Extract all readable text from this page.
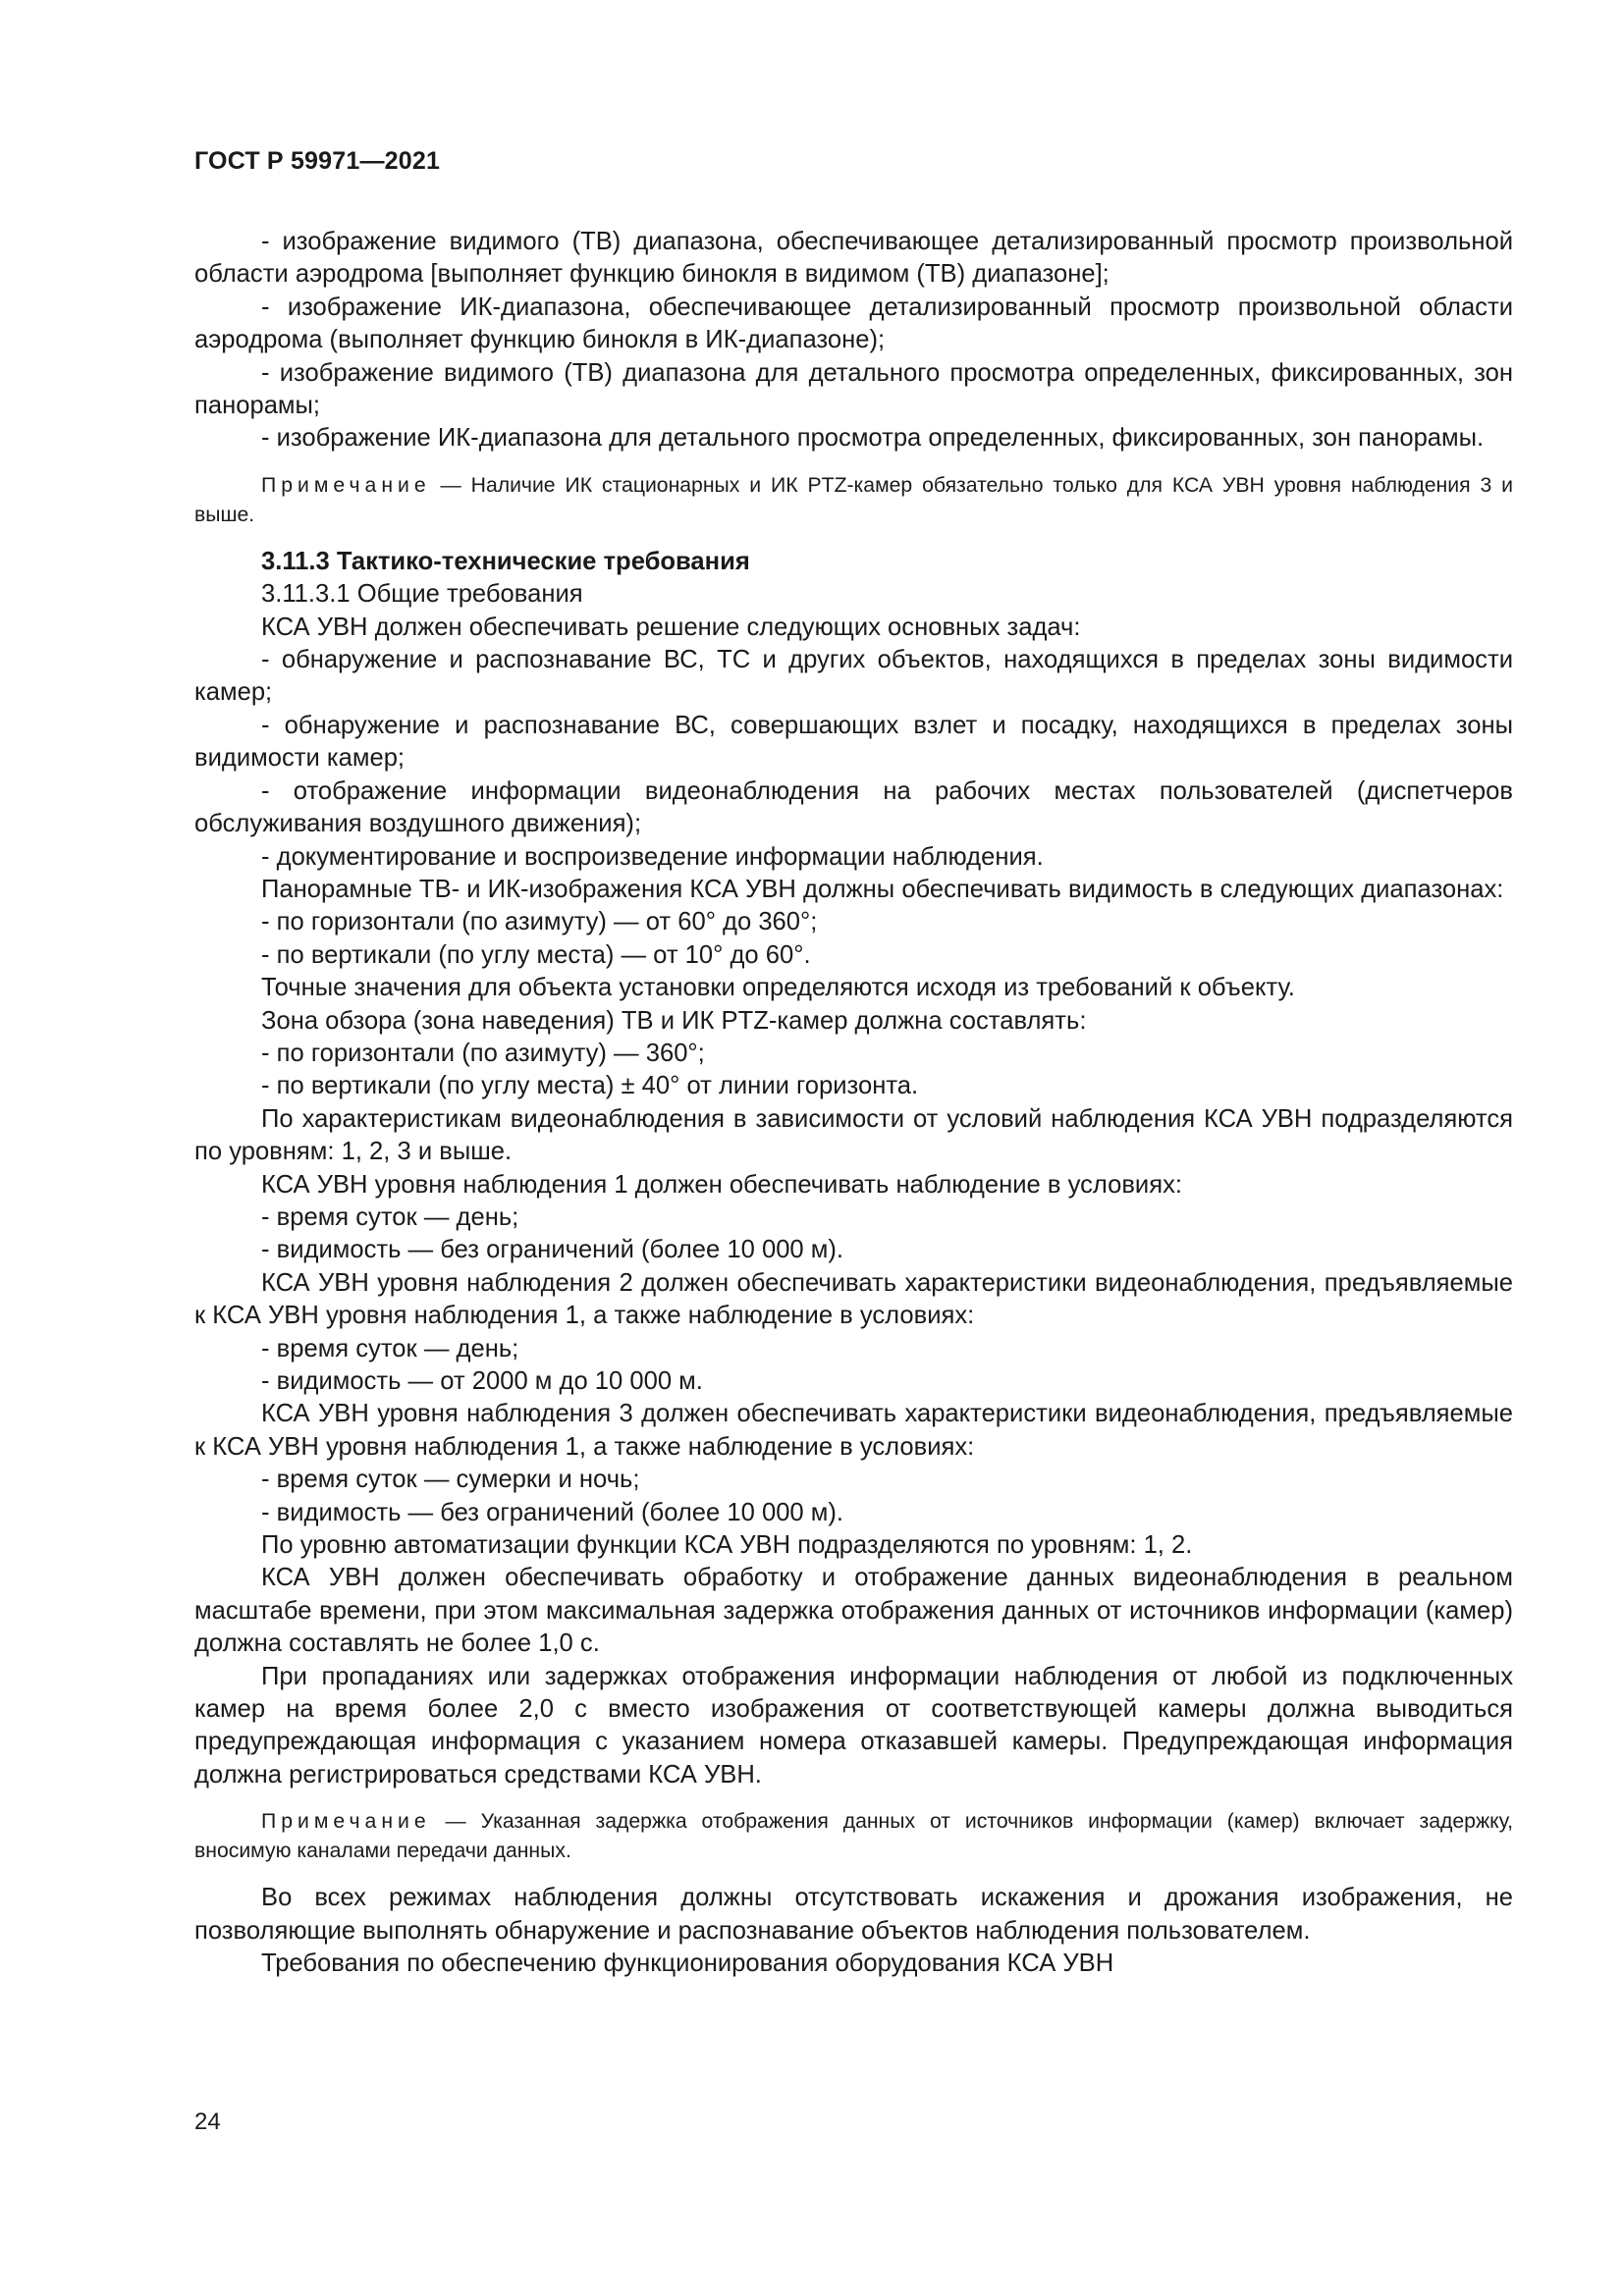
ГОСТ Р 59971—2021

- изображение видимого (ТВ) диапазона, обеспечивающее детализированный просмотр произвольной области аэродрома [выполняет функцию бинокля в видимом (ТВ) диапазоне];

- изображение ИК-диапазона, обеспечивающее детализированный просмотр произвольной области аэродрома (выполняет функцию бинокля в ИК-диапазоне);

- изображение видимого (ТВ) диапазона для детального просмотра определенных, фиксированных, зон панорамы;

- изображение ИК-диапазона для детального просмотра определенных, фиксированных, зон панорамы.

Примечание — Наличие ИК стационарных и ИК PTZ-камер обязательно только для КСА УВН уровня наблюдения 3 и выше.

3.11.3 Тактико-технические требования

3.11.3.1 Общие требования

КСА УВН должен обеспечивать решение следующих основных задач:

- обнаружение и распознавание ВС, ТС и других объектов, находящихся в пределах зоны видимости камер;

- обнаружение и распознавание ВС, совершающих взлет и посадку, находящихся в пределах зоны видимости камер;

- отображение информации видеонаблюдения на рабочих местах пользователей (диспетчеров обслуживания воздушного движения);

- документирование и воспроизведение информации наблюдения.

Панорамные ТВ- и ИК-изображения КСА УВН должны обеспечивать видимость в следующих диапазонах:

- по горизонтали (по азимуту) — от 60° до 360°;

- по вертикали (по углу места) — от 10° до 60°.

Точные значения для объекта установки определяются исходя из требований к объекту.

Зона обзора (зона наведения) ТВ и ИК PTZ-камер должна составлять:

- по горизонтали (по азимуту) — 360°;

- по вертикали (по углу места) ± 40° от линии горизонта.

По характеристикам видеонаблюдения в зависимости от условий наблюдения КСА УВН подразделяются по уровням: 1, 2, 3 и выше.

КСА УВН уровня наблюдения 1 должен обеспечивать наблюдение в условиях:

- время суток — день;

- видимость — без ограничений (более 10 000 м).

КСА УВН уровня наблюдения 2 должен обеспечивать характеристики видеонаблюдения, предъявляемые к КСА УВН уровня наблюдения 1, а также наблюдение в условиях:

- время суток — день;

- видимость — от 2000 м до 10 000 м.

КСА УВН уровня наблюдения 3 должен обеспечивать характеристики видеонаблюдения, предъявляемые к КСА УВН уровня наблюдения 1, а также наблюдение в условиях:

- время суток — сумерки и ночь;

- видимость — без ограничений (более 10 000 м).

По уровню автоматизации функции КСА УВН подразделяются по уровням: 1, 2.

КСА УВН должен обеспечивать обработку и отображение данных видеонаблюдения в реальном масштабе времени, при этом максимальная задержка отображения данных от источников информации (камер) должна составлять не более 1,0 с.

При пропаданиях или задержках отображения информации наблюдения от любой из подключенных камер на время более 2,0 с вместо изображения от соответствующей камеры должна выводиться предупреждающая информация с указанием номера отказавшей камеры. Предупреждающая информация должна регистрироваться средствами КСА УВН.

Примечание — Указанная задержка отображения данных от источников информации (камер) включает задержку, вносимую каналами передачи данных.

Во всех режимах наблюдения должны отсутствовать искажения и дрожания изображения, не позволяющие выполнять обнаружение и распознавание объектов наблюдения пользователем.

Требования по обеспечению функционирования оборудования КСА УВН

24
